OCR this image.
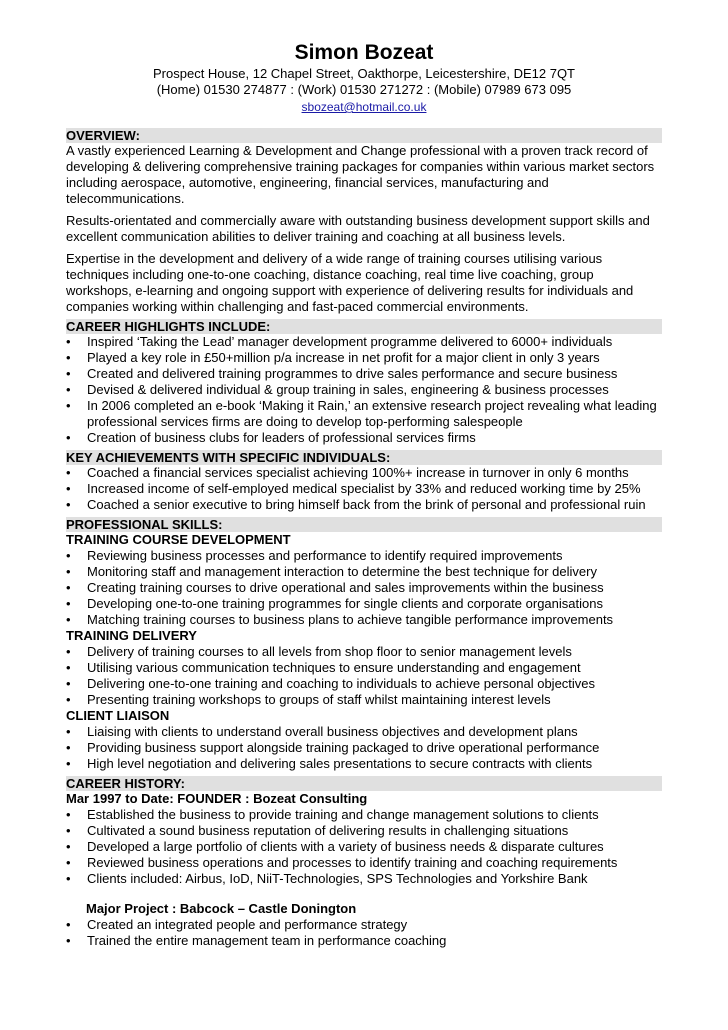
Simon Bozeat
Prospect House, 12 Chapel Street, Oakthorpe, Leicestershire, DE12 7QT
(Home) 01530 274877 : (Work) 01530 271272 : (Mobile) 07989 673 095
sbozeat@hotmail.co.uk
OVERVIEW:

A vastly experienced Learning & Development and Change professional with a proven track record of developing & delivering comprehensive training packages for companies within various market sectors including aerospace, automotive, engineering, financial services, manufacturing and telecommunications.

Results-orientated and commercially aware with outstanding business development support skills and excellent communication abilities to deliver training and coaching at all business levels.

Expertise in the development and delivery of a wide range of training courses utilising various techniques including one-to-one coaching, distance coaching, real time live coaching, group workshops, e-learning and ongoing support with experience of delivering results for individuals and companies working within challenging and fast-paced commercial environments.

CAREER HIGHLIGHTS INCLUDE:
• Inspired ‘Taking the Lead’ manager development programme delivered to 6000+ individuals
• Played a key role in £50+million p/a increase in net profit for a major client in only 3 years
• Created and delivered training programmes to drive sales performance and secure business
• Devised & delivered individual & group training in sales, engineering & business processes
• In 2006 completed an e-book ‘Making it Rain,’ an extensive research project revealing what leading professional services firms are doing to develop top-performing salespeople
• Creation of business clubs for leaders of professional services firms
KEY ACHIEVEMENTS WITH SPECIFIC INDIVIDUALS:
• Coached a financial services specialist achieving 100%+ increase in turnover in only 6 months
• Increased income of self-employed medical specialist by 33% and reduced working time by 25%
• Coached a senior executive to bring himself back from the brink of personal and professional ruin
PROFESSIONAL SKILLS:
TRAINING COURSE DEVELOPMENT
• Reviewing business processes and performance to identify required improvements
• Monitoring staff and management interaction to determine the best technique for delivery
• Creating training courses to drive operational and sales improvements within the business
• Developing one-to-one training programmes for single clients and corporate organisations
• Matching training courses to business plans to achieve tangible performance improvements
TRAINING DELIVERY
• Delivery of training courses to all levels from shop floor to senior management levels
• Utilising various communication techniques to ensure understanding and engagement
• Delivering one-to-one training and coaching to individuals to achieve personal objectives
• Presenting training workshops to groups of staff whilst maintaining interest levels
CLIENT LIAISON
• Liaising with clients to understand overall business objectives and development plans
• Providing business support alongside training packaged to drive operational performance
• High level negotiation and delivering sales presentations to secure contracts with clients
CAREER HISTORY:
Mar 1997 to Date: FOUNDER : Bozeat Consulting
• Established the business to provide training and change management solutions to clients
• Cultivated a sound business reputation of delivering results in challenging situations
• Developed a large portfolio of clients with a variety of business needs & disparate cultures
• Reviewed business operations and processes to identify training and coaching requirements
• Clients included: Airbus, IoD, NiiT-Technologies, SPS Technologies and Yorkshire Bank
Major Project : Babcock – Castle Donington
• Created an integrated people and performance strategy
• Trained the entire management team in performance coaching
